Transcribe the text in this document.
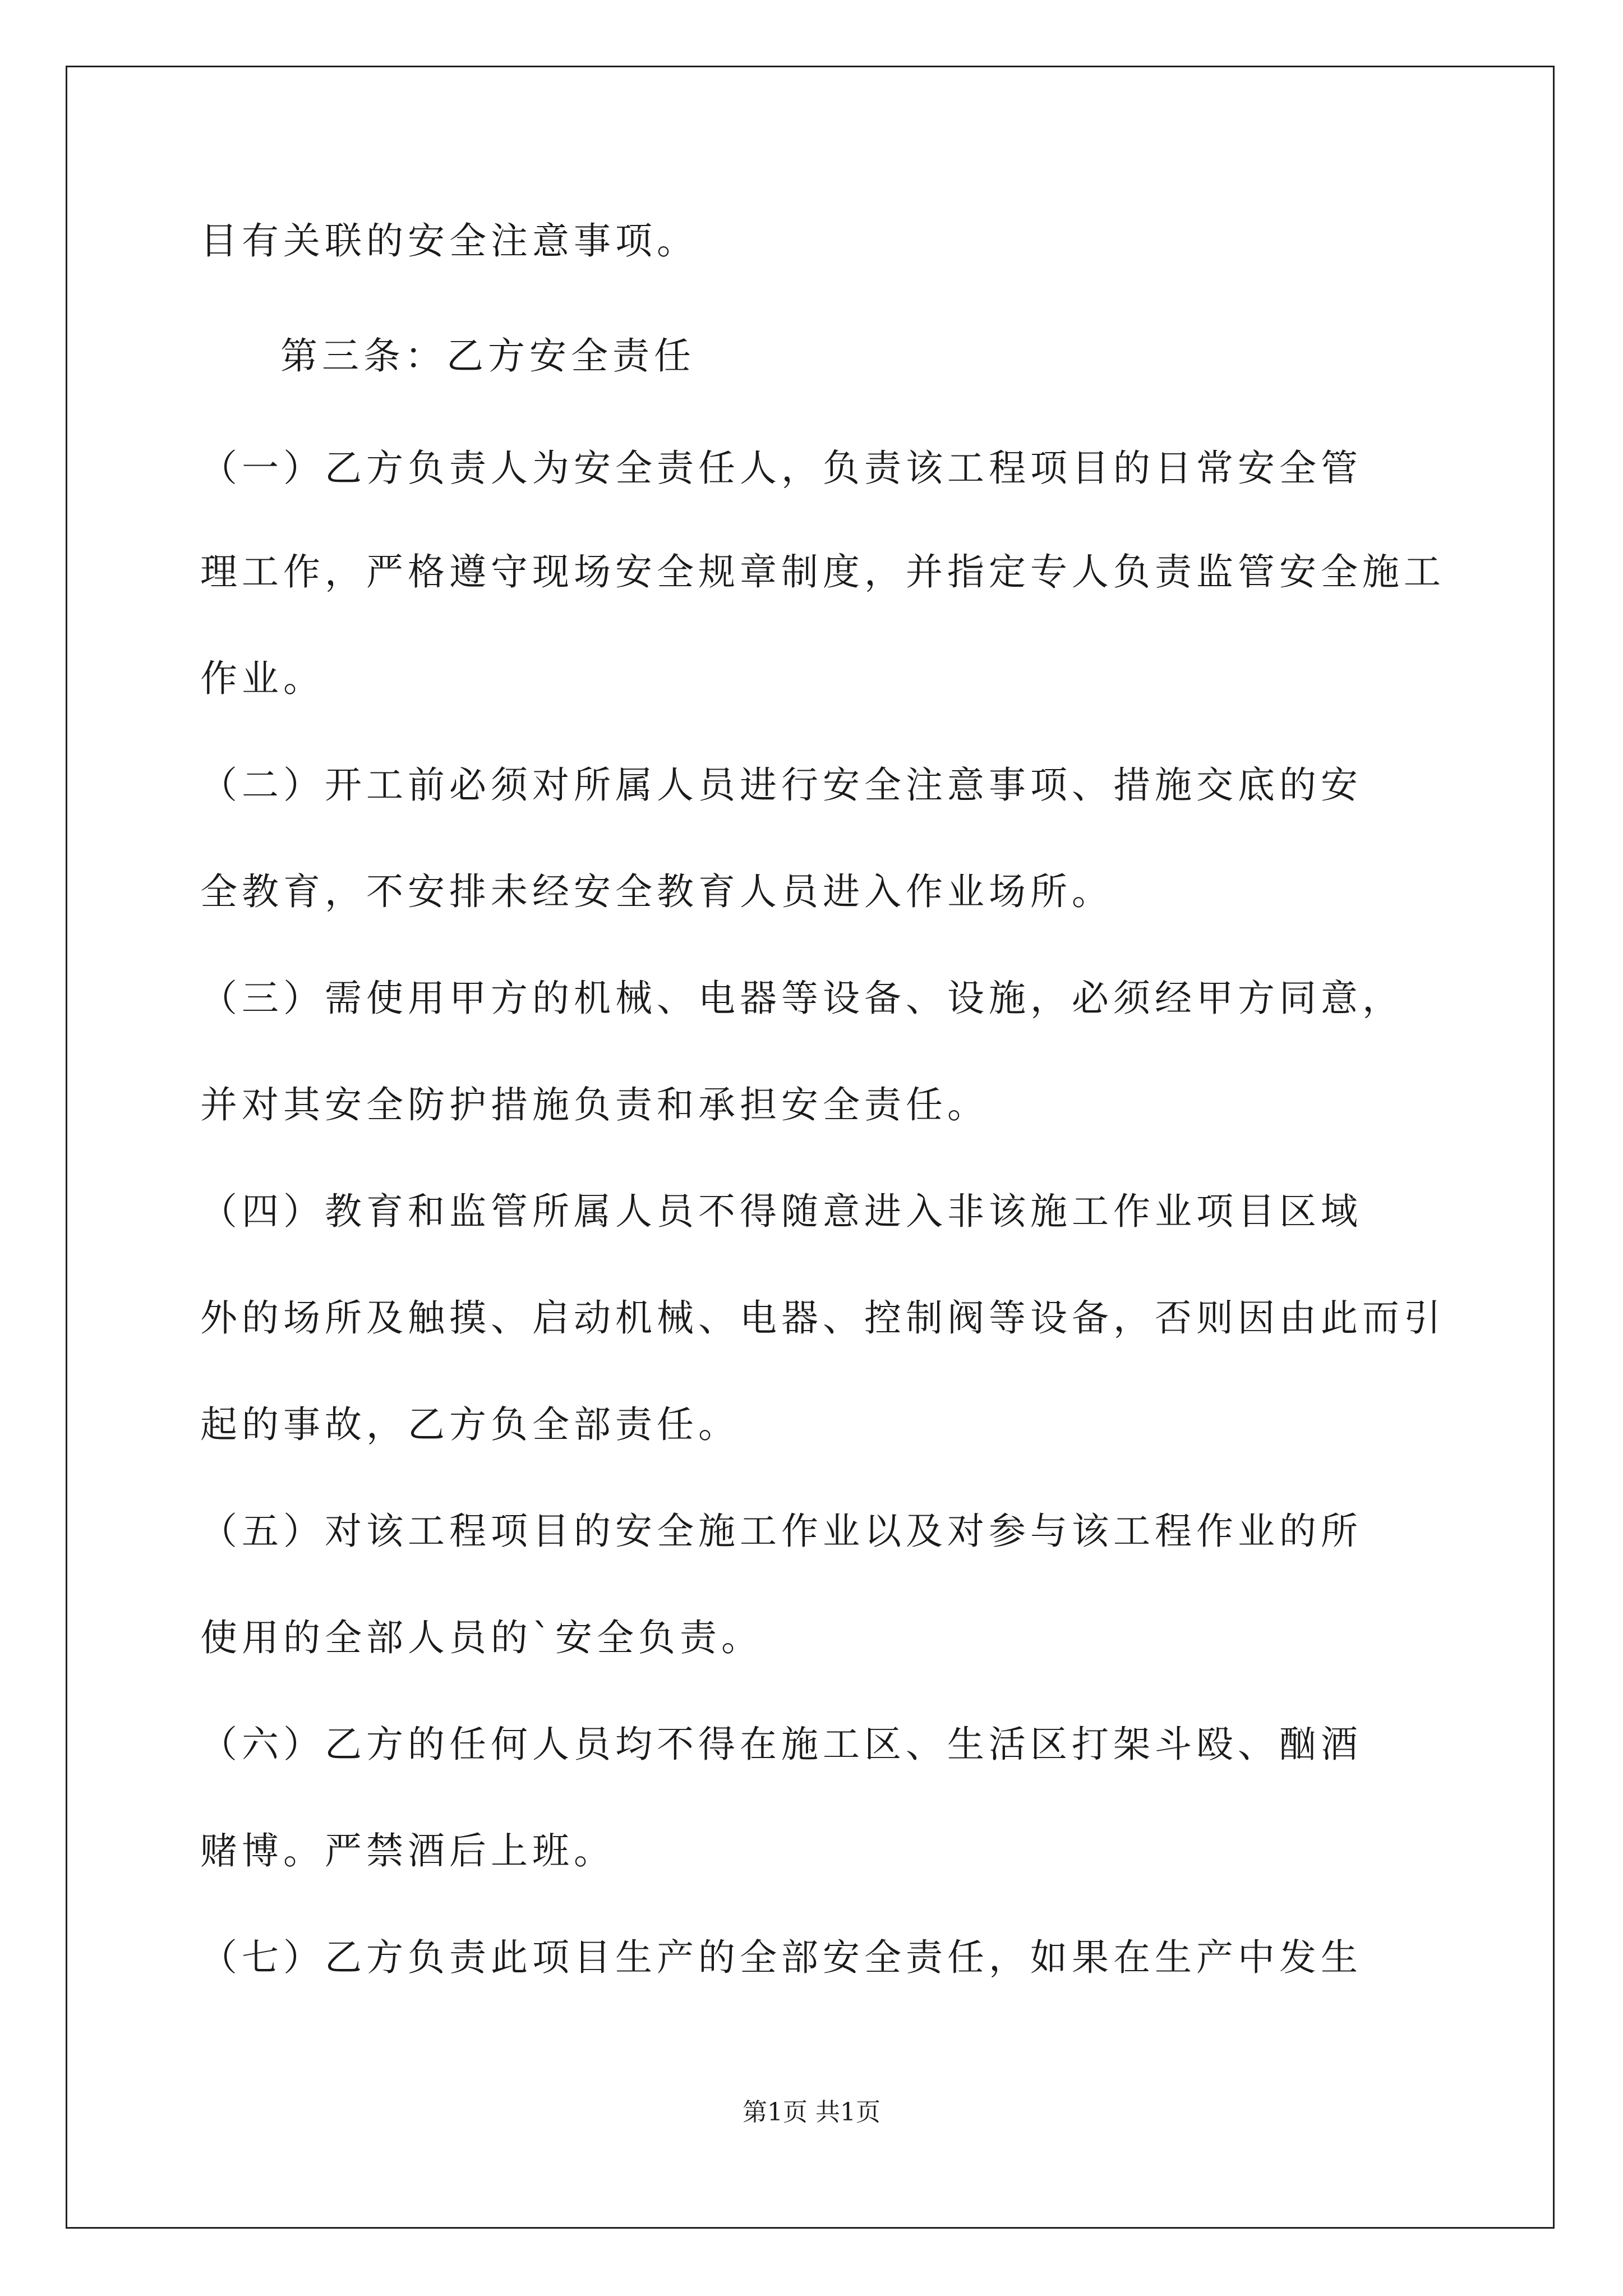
目有关联的安全注意事项。

第三条：乙方安全责任

（一）乙方负责人为安全责任人，负责该工程项目的日常安全管

理工作，严格遵守现场安全规章制度，并指定专人负责监管安全施工

作业。

（二）开工前必须对所属人员进行安全注意事项、措施交底的安

全教育，不安排未经安全教育人员进入作业场所。

（三）需使用甲方的机械、电器等设备、设施，必须经甲方同意，

并对其安全防护措施负责和承担安全责任。

（四）教育和监管所属人员不得随意进入非该施工作业项目区域

外的场所及触摸、启动机械、电器、控制阀等设备，否则因由此而引

起的事故，乙方负全部责任。

（五）对该工程项目的安全施工作业以及对参与该工程作业的所

使用的全部人员的`安全负责。

（六）乙方的任何人员均不得在施工区、生活区打架斗殴、酗酒

赌博。严禁酒后上班。

（七）乙方负责此项目生产的全部安全责任，如果在生产中发生

第1页 共1页
